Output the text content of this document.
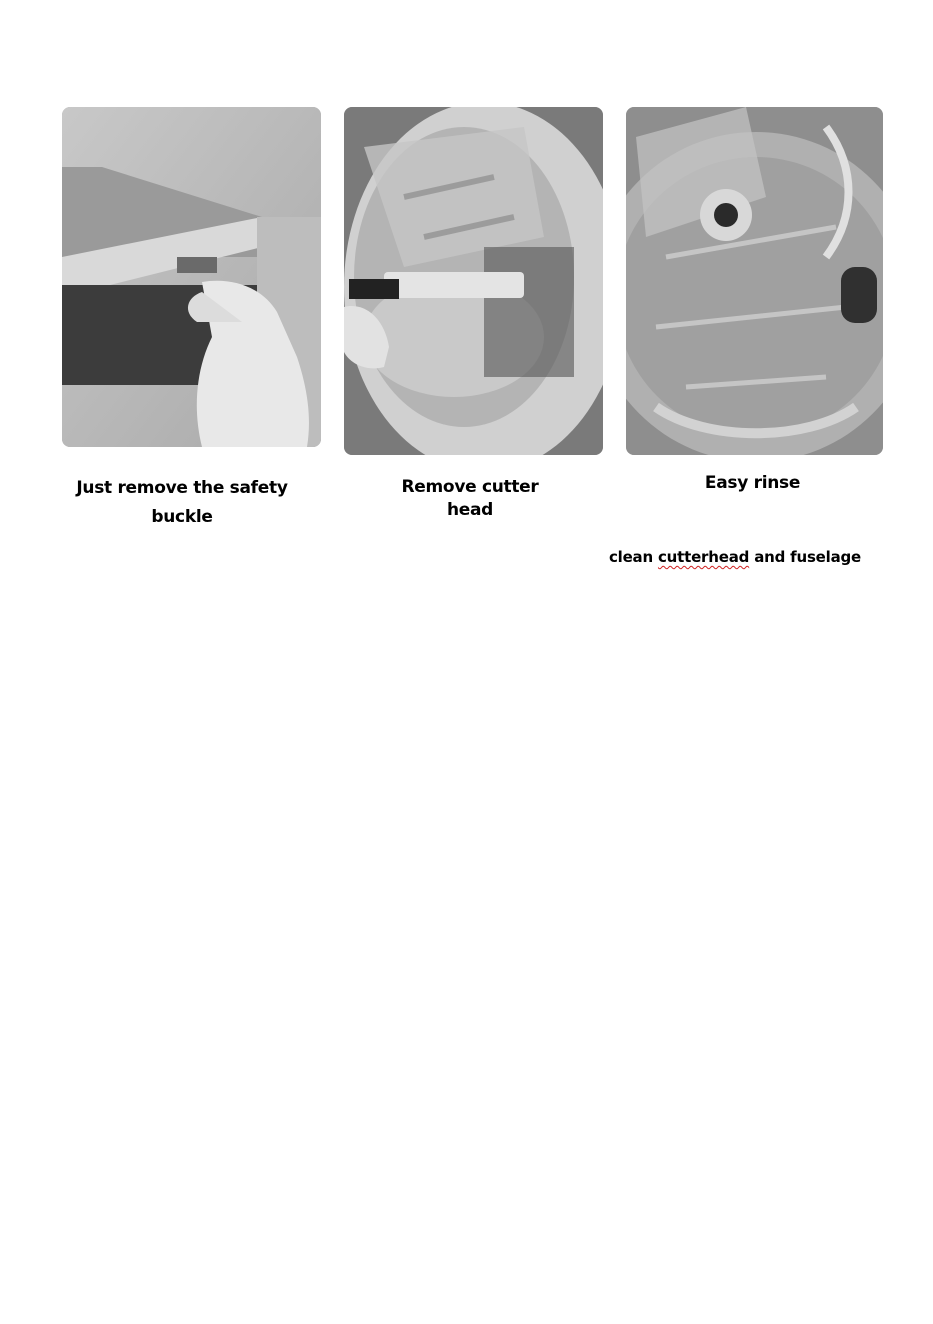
Just remove the safety
buckle
Remove cutter
head
Easy rinse
clean cutterhead and fuselage
